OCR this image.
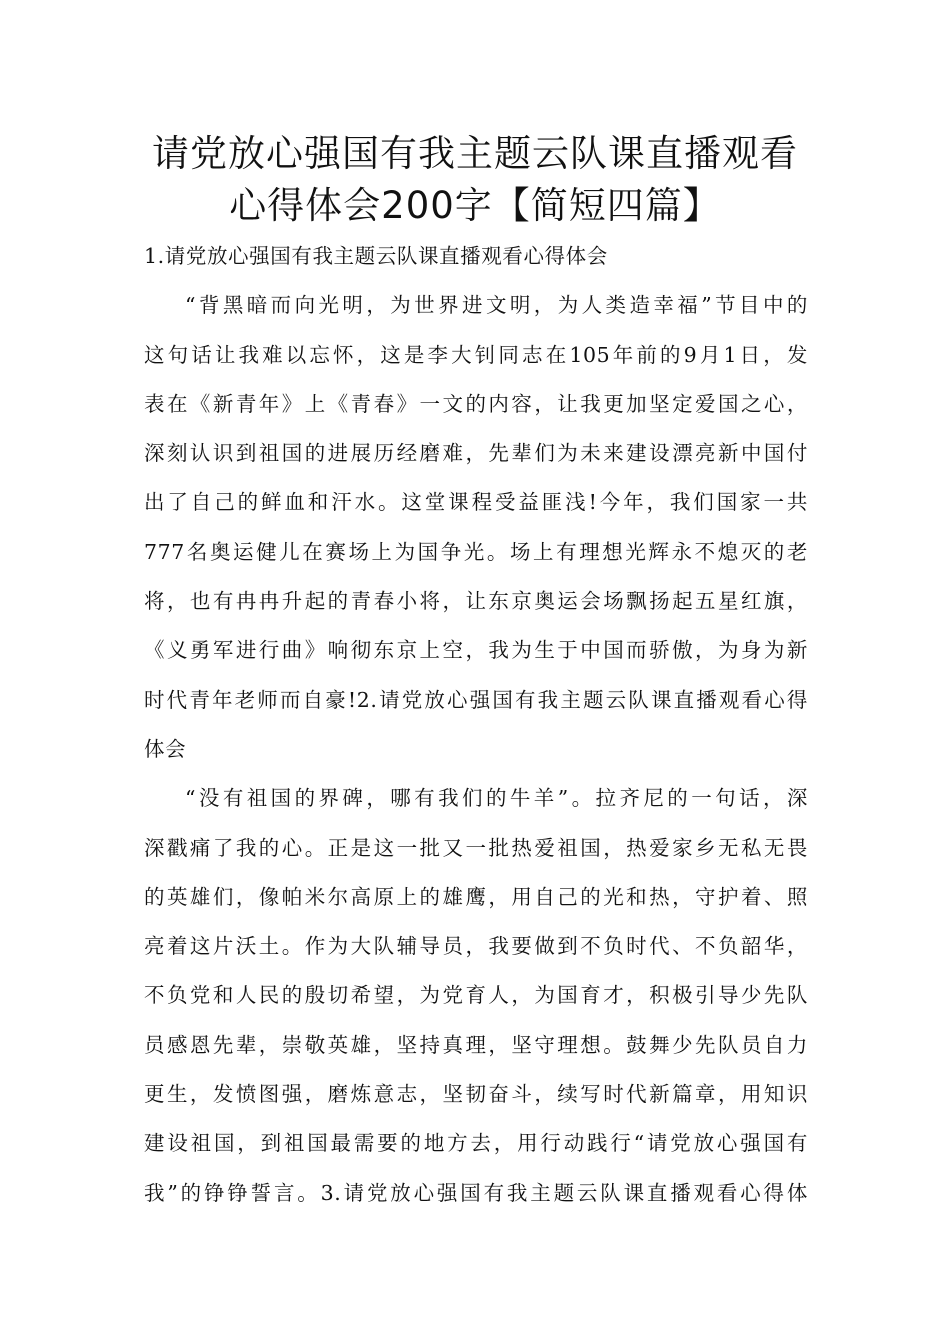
请党放心强国有我主题云队课直播观看
心得体会200字【简短四篇】
1.请党放心强国有我主题云队课直播观看心得体会
“背黑暗而向光明，为世界进文明，为人类造幸福”节目中的
这句话让我难以忘怀，这是李大钊同志在105年前的9月1日，发
表在《新青年》上《青春》一文的内容，让我更加坚定爱国之心，
深刻认识到祖国的进展历经磨难，先辈们为未来建设漂亮新中国付
出了自己的鲜血和汗水。这堂课程受益匪浅!今年，我们国家一共
777名奥运健儿在赛场上为国争光。场上有理想光辉永不熄灭的老
将，也有冉冉升起的青春小将，让东京奥运会场飘扬起五星红旗，
《义勇军进行曲》响彻东京上空，我为生于中国而骄傲，为身为新
时代青年老师而自豪!2.请党放心强国有我主题云队课直播观看心得
体会
“没有祖国的界碑，哪有我们的牛羊”。拉齐尼的一句话，深
深戳痛了我的心。正是这一批又一批热爱祖国，热爱家乡无私无畏
的英雄们，像帕米尔高原上的雄鹰，用自己的光和热，守护着、照
亮着这片沃土。作为大队辅导员，我要做到不负时代、不负韶华，
不负党和人民的殷切希望，为党育人，为国育才，积极引导少先队
员感恩先辈，崇敬英雄，坚持真理，坚守理想。鼓舞少先队员自力
更生，发愤图强，磨炼意志，坚韧奋斗，续写时代新篇章，用知识
建设祖国，到祖国最需要的地方去，用行动践行“请党放心强国有
我”的铮铮誓言。3.请党放心强国有我主题云队课直播观看心得体
